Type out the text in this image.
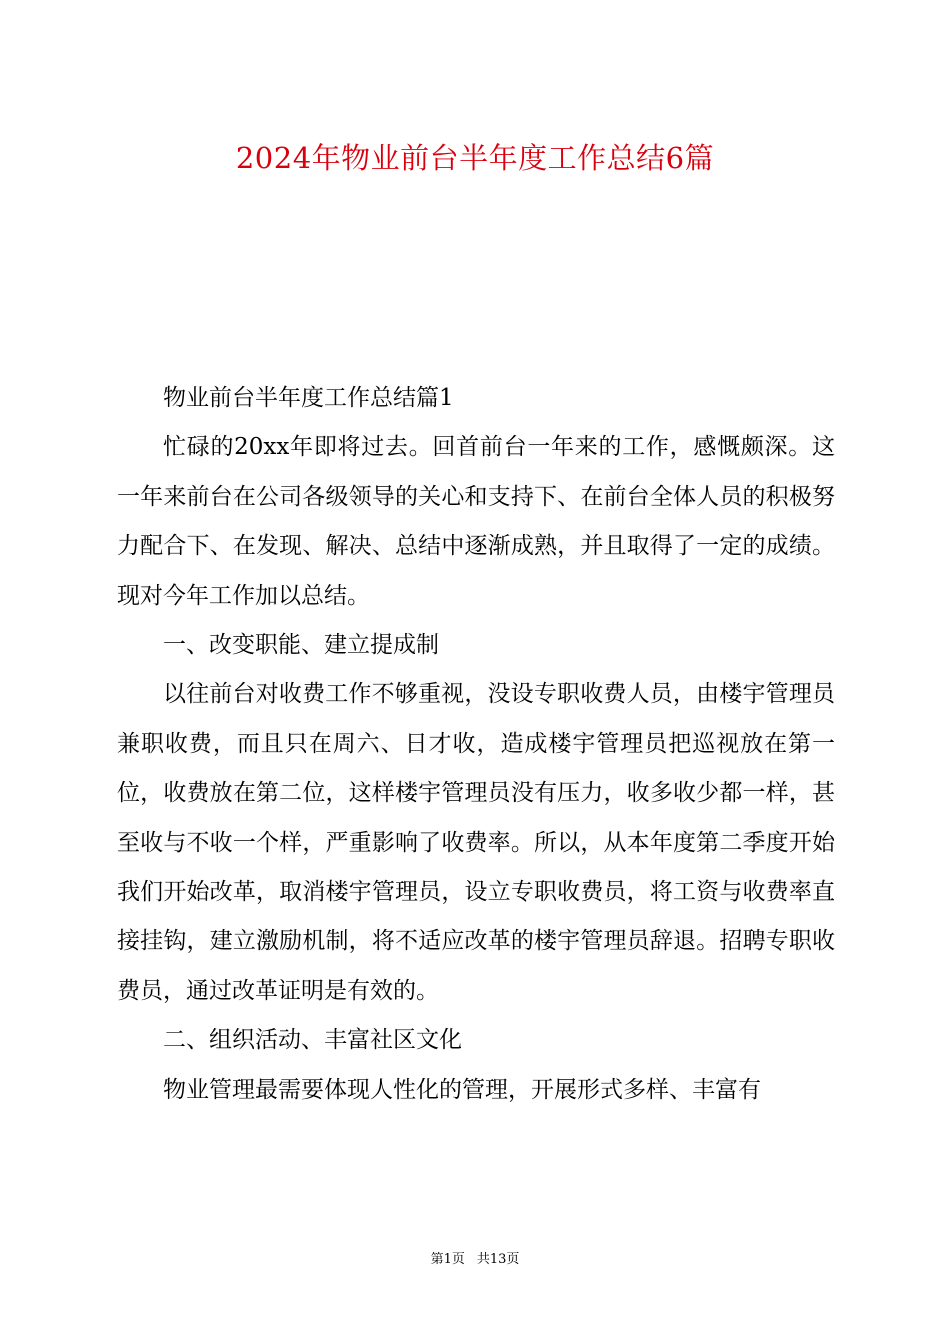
2024年物业前台半年度工作总结6篇

物业前台半年度工作总结篇1

忙碌的20xx年即将过去。回首前台一年来的工作，感慨颇深。这一年来前台在公司各级领导的关心和支持下、在前台全体人员的积极努力配合下、在发现、解决、总结中逐渐成熟，并且取得了一定的成绩。现对今年工作加以总结。

一、改变职能、建立提成制

以往前台对收费工作不够重视，没设专职收费人员，由楼宇管理员兼职收费，而且只在周六、日才收，造成楼宇管理员把巡视放在第一位，收费放在第二位，这样楼宇管理员没有压力，收多收少都一样，甚至收与不收一个样，严重影响了收费率。所以，从本年度第二季度开始我们开始改革，取消楼宇管理员，设立专职收费员，将工资与收费率直接挂钩，建立激励机制，将不适应改革的楼宇管理员辞退。招聘专职收费员，通过改革证明是有效的。

二、组织活动、丰富社区文化

物业管理最需要体现人性化的管理，开展形式多样、丰富有

第1页 共13页
